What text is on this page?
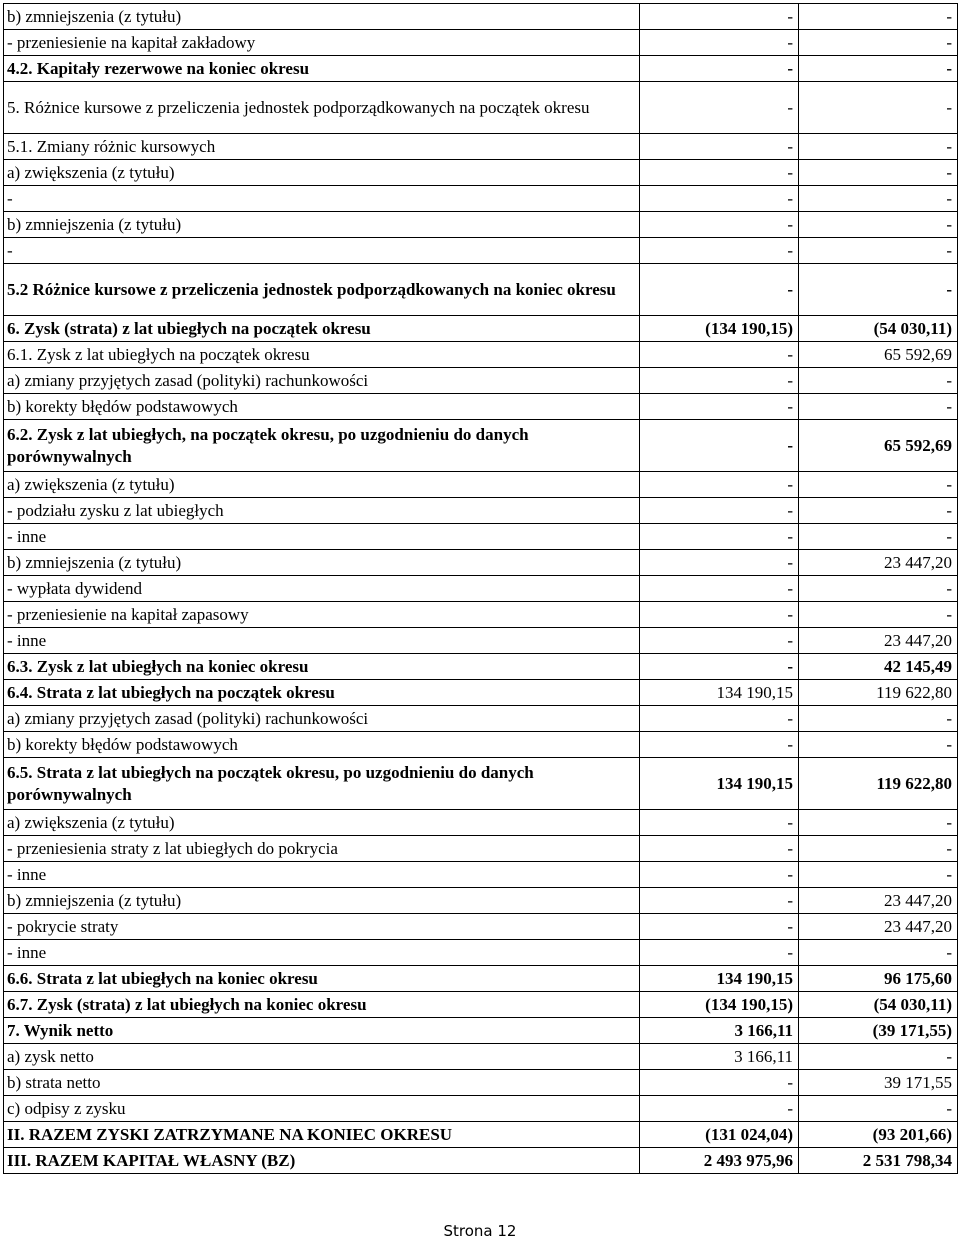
b) zmniejszenia (z tytułu)	-	-
- przeniesienie na kapitał zakładowy	-	-
4.2. Kapitały rezerwowe na koniec okresu	-	-
5. Różnice kursowe z przeliczenia jednostek podporządkowanych na początek okresu	-	-
5.1. Zmiany różnic kursowych	-	-
a) zwiększenia (z tytułu)	-	-
-	-	-
b) zmniejszenia (z tytułu)	-	-
-	-	-
5.2 Różnice kursowe z przeliczenia jednostek podporządkowanych na koniec okresu	-	-
6. Zysk (strata) z lat ubiegłych na początek okresu	(134 190,15)	(54 030,11)
6.1. Zysk z lat ubiegłych na początek okresu	-	65 592,69
a) zmiany przyjętych zasad (polityki) rachunkowości	-	-
b) korekty błędów podstawowych	-	-
6.2. Zysk z lat ubiegłych, na początek okresu, po uzgodnieniu do danych porównywalnych	-	65 592,69
a) zwiększenia (z tytułu)	-	-
- podziału zysku z lat ubiegłych	-	-
- inne	-	-
b) zmniejszenia (z tytułu)	-	23 447,20
- wypłata dywidend	-	-
- przeniesienie na kapitał zapasowy	-	-
- inne	-	23 447,20
6.3. Zysk z lat ubiegłych na koniec okresu	-	42 145,49
6.4. Strata z lat ubiegłych na początek okresu	134 190,15	119 622,80
a) zmiany przyjętych zasad (polityki) rachunkowości	-	-
b) korekty błędów podstawowych	-	-
6.5. Strata z lat ubiegłych na początek okresu, po uzgodnieniu do danych porównywalnych	134 190,15	119 622,80
a) zwiększenia (z tytułu)	-	-
- przeniesienia straty z lat ubiegłych do pokrycia	-	-
- inne	-	-
b) zmniejszenia (z tytułu)	-	23 447,20
- pokrycie straty	-	23 447,20
- inne	-	-
6.6. Strata z lat ubiegłych na koniec okresu	134 190,15	96 175,60
6.7. Zysk (strata) z lat ubiegłych na koniec okresu	(134 190,15)	(54 030,11)
7. Wynik netto	3 166,11	(39 171,55)
a) zysk netto	3 166,11	-
b) strata netto	-	39 171,55
c) odpisy z zysku	-	-
II. RAZEM ZYSKI ZATRZYMANE NA KONIEC OKRESU	(131 024,04)	(93 201,66)
III. RAZEM KAPITAŁ WŁASNY (BZ)	2 493 975,96	2 531 798,34
Strona 12
